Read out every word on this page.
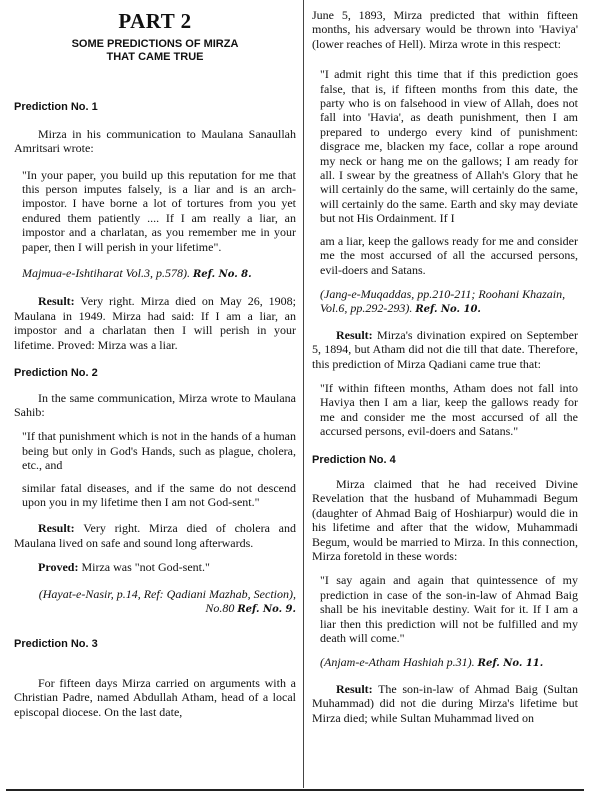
PART 2
SOME PREDICTIONS OF MIRZA
THAT CAME TRUE

Prediction No. 1

Mirza in his communication to Maulana Sanaullah Amritsari wrote:

"In your paper, you build up this reputation for me that this person imputes falsely, is a liar and is an arch-impostor. I have borne a lot of tortures from you yet endured them patiently .... If I am really a liar, an impostor and a charlatan, as you remember me in your paper, then I will perish in your lifetime".

Majmua-e-Ishtiharat Vol.3, p.578). Ref. No. 8.

Result: Very right. Mirza died on May 26, 1908; Maulana in 1949. Mirza had said: If I am a liar, an impostor and a charlatan then I will perish in your lifetime. Proved: Mirza was a liar.

Prediction No. 2

In the same communication, Mirza wrote to Maulana Sahib:

"If that punishment which is not in the hands of a human being but only in God's Hands, such as plague, cholera, etc., and

similar fatal diseases, and if the same do not descend upon you in my lifetime then I am not God-sent."

Result: Very right. Mirza died of cholera and Maulana lived on safe and sound long afterwards.

Proved: Mirza was "not God-sent."

(Hayat-e-Nasir, p.14, Ref: Qadiani Mazhab, Section), No.80 Ref. No. 9.

Prediction No. 3

For fifteen days Mirza carried on arguments with a Christian Padre, named Abdullah Atham, head of a local episcopal diocese. On the last date,

June 5, 1893, Mirza predicted that within fifteen months, his adversary would be thrown into 'Haviya' (lower reaches of Hell). Mirza wrote in this respect:

"I admit right this time that if this prediction goes false, that is, if fifteen months from this date, the party who is on falsehood in view of Allah, does not fall into 'Havia', as death punishment, then I am prepared to undergo every kind of punishment: disgrace me, blacken my face, collar a rope around my neck or hang me on the gallows; I am ready for all. I swear by the greatness of Allah's Glory that he will certainly do the same, will certainly do the same, will certainly do the same. Earth and sky may deviate but not His Ordainment. If I

am a liar, keep the gallows ready for me and consider me the most accursed of all the accursed persons, evil-doers and Satans.

(Jang-e-Muqaddas, pp.210-211; Roohani Khazain, Vol.6, pp.292-293). Ref. No. 10.

Result: Mirza's divination expired on September 5, 1894, but Atham did not die till that date. Therefore, this prediction of Mirza Qadiani came true that:

"If within fifteen months, Atham does not fall into Haviya then I am a liar, keep the gallows ready for me and consider me the most accursed of all the accursed persons, evil-doers and Satans."

Prediction No. 4

Mirza claimed that he had received Divine Revelation that the husband of Muhammadi Begum (daughter of Ahmad Baig of Hoshiarpur) would die in his lifetime and after that the widow, Muhammadi Begum, would be married to Mirza. In this connection, Mirza foretold in these words:

"I say again and again that quintessence of my prediction in case of the son-in-law of Ahmad Baig shall be his inevitable destiny. Wait for it. If I am a liar then this prediction will not be fulfilled and my death will come."

(Anjam-e-Atham Hashiah p.31). Ref. No. 11.

Result: The son-in-law of Ahmad Baig (Sultan Muhammad) did not die during Mirza's lifetime but Mirza died; while Sultan Muhammad lived on
